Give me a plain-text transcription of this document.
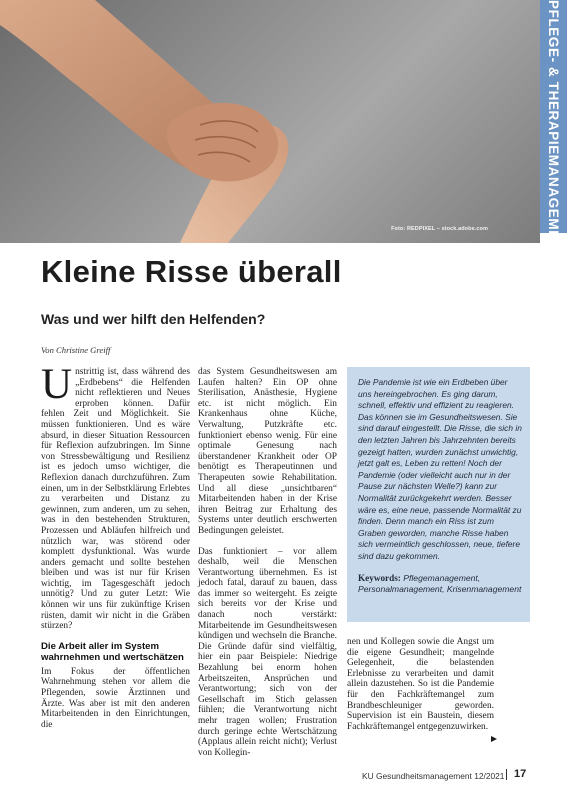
Foto: REDPIXEL – stock.adobe.com	PFLEGE- & THERAPIEMANAGEMENT
Kleine Risse überall
Was und wer hilft den Helfenden?
Von Christine Greiff

Unstrittig ist, dass während des „Erdbebens“ die Helfenden nicht reflektieren und Neues erproben können. Dafür fehlen Zeit und Möglichkeit. Sie müssen funktionieren. Und es wäre absurd, in dieser Situation Ressourcen für Reflexion aufzubringen. Im Sinne von Stressbewältigung und Resilienz ist es jedoch umso wichtiger, die Reflexion danach durchzuführen. Zum einen, um in der Selbstklärung Erlebtes zu verarbeiten und Distanz zu gewinnen, zum anderen, um zu sehen, was in den bestehenden Strukturen, Prozessen und Abläufen hilfreich und nützlich war, was störend oder komplett dysfunktional. Was wurde anders gemacht und sollte bestehen bleiben und was ist nur für Krisen wichtig, im Tagesgeschäft jedoch unnötig? Und zu guter Letzt: Wie können wir uns für zukünftige Krisen rüsten, damit wir nicht in die Gräben stürzen?

Die Arbeit aller im System wahrnehmen und wertschätzen

Im Fokus der öffentlichen Wahrnehmung stehen vor allem die Pflegenden, sowie Ärztinnen und Ärzte. Was aber ist mit den anderen Mitarbeitenden in den Einrichtungen, die

das System Gesundheitswesen am Laufen halten? Ein OP ohne Sterilisation, Anästhesie, Hygiene etc. ist nicht möglich. Ein Krankenhaus ohne Küche, Verwaltung, Putzkräfte etc. funktioniert ebenso wenig. Für eine optimale Genesung nach überstandener Krankheit oder OP benötigt es Therapeutinnen und Therapeuten sowie Rehabilitation. Und all diese „unsichtbaren“ Mitarbeitenden haben in der Krise ihren Beitrag zur Erhaltung des Systems unter deutlich erschwerten Bedingungen geleistet.

Das funktioniert – vor allem deshalb, weil die Menschen Verantwortung übernehmen. Es ist jedoch fatal, darauf zu bauen, dass das immer so weitergeht. Es zeigte sich bereits vor der Krise und danach noch verstärkt: Mitarbeitende im Gesundheitswesen kündigen und wechseln die Branche. Die Gründe dafür sind vielfältig, hier ein paar Beispiele: Niedrige Bezahlung bei enorm hohen Arbeitszeiten, Ansprüchen und Verantwortung; sich von der Gesellschaft im Stich gelassen fühlen; die Verantwortung nicht mehr tragen wollen; Frustration durch geringe echte Wertschätzung (Applaus allein reicht nicht); Verlust von Kollegin-

Die Pandemie ist wie ein Erdbeben über uns hereingebrochen. Es ging darum, schnell, effektiv und effizient zu reagieren. Das können sie im Gesundheitswesen. Sie sind darauf eingestellt. Die Risse, die sich in den letzten Jahren bis Jahrzehnten bereits gezeigt hatten, wurden zunächst unwichtig, jetzt galt es, Leben zu retten! Noch der Pandemie (oder vielleicht auch nur in der Pause zur nächsten Welle?) kann zur Normalität zurückgekehrt werden. Besser wäre es, eine neue, passende Normalität zu finden. Denn manch ein Riss ist zum Graben geworden, manche Risse haben sich vermeintlich geschlossen, neue, tiefere sind dazu gekommen.

Keywords: Pflegemanagement, Personalmanagement, Krisenmanagement

nen und Kollegen sowie die Angst um die eigene Gesundheit; mangelnde Gelegenheit, die belastenden Erlebnisse zu verarbeiten und damit allein dazustehen. So ist die Pandemie für den Fachkräftemangel zum Brandbeschleuniger geworden. Supervision ist ein Baustein, diesem Fachkräftemangel entgegenzuwirken.

KU Gesundheitsmanagement 12/2021 17
